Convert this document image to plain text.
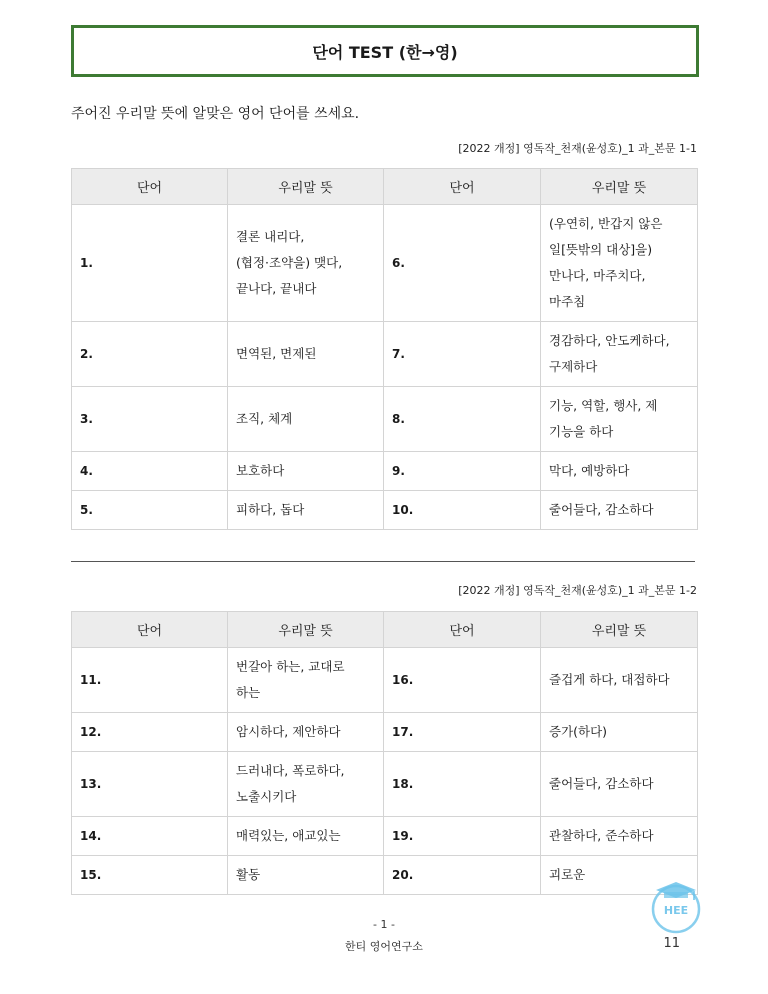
단어 TEST (한→영)
주어진 우리말 뜻에 알맞은 영어 단어를 쓰세요.
[2022 개정] 영독작_천재(윤성호)_1 과_본문 1-1
단어	우리말 뜻	단어	우리말 뜻
1.	결론 내리다,
(협정·조약을) 맺다,
끝나다, 끝내다	6.	(우연히, 반갑지 않은
일[뜻밖의 대상]을)
만나다, 마주치다,
마주침
2.	면역된, 면제된	7.	경감하다, 안도케하다,
구제하다
3.	조직, 체계	8.	기능, 역할, 행사, 제
기능을 하다
4.	보호하다	9.	막다, 예방하다
5.	피하다, 돕다	10.	줄어들다, 감소하다
[2022 개정] 영독작_천재(윤성호)_1 과_본문 1-2
단어	우리말 뜻	단어	우리말 뜻
11.	번갈아 하는, 교대로
하는	16.	즐겁게 하다, 대접하다
12.	암시하다, 제안하다	17.	증가(하다)
13.	드러내다, 폭로하다,
노출시키다	18.	줄어들다, 감소하다
14.	매력있는, 애교있는	19.	관찰하다, 준수하다
15.	활동	20.	괴로운
- 1 -
한티 영어연구소	11
HEE
